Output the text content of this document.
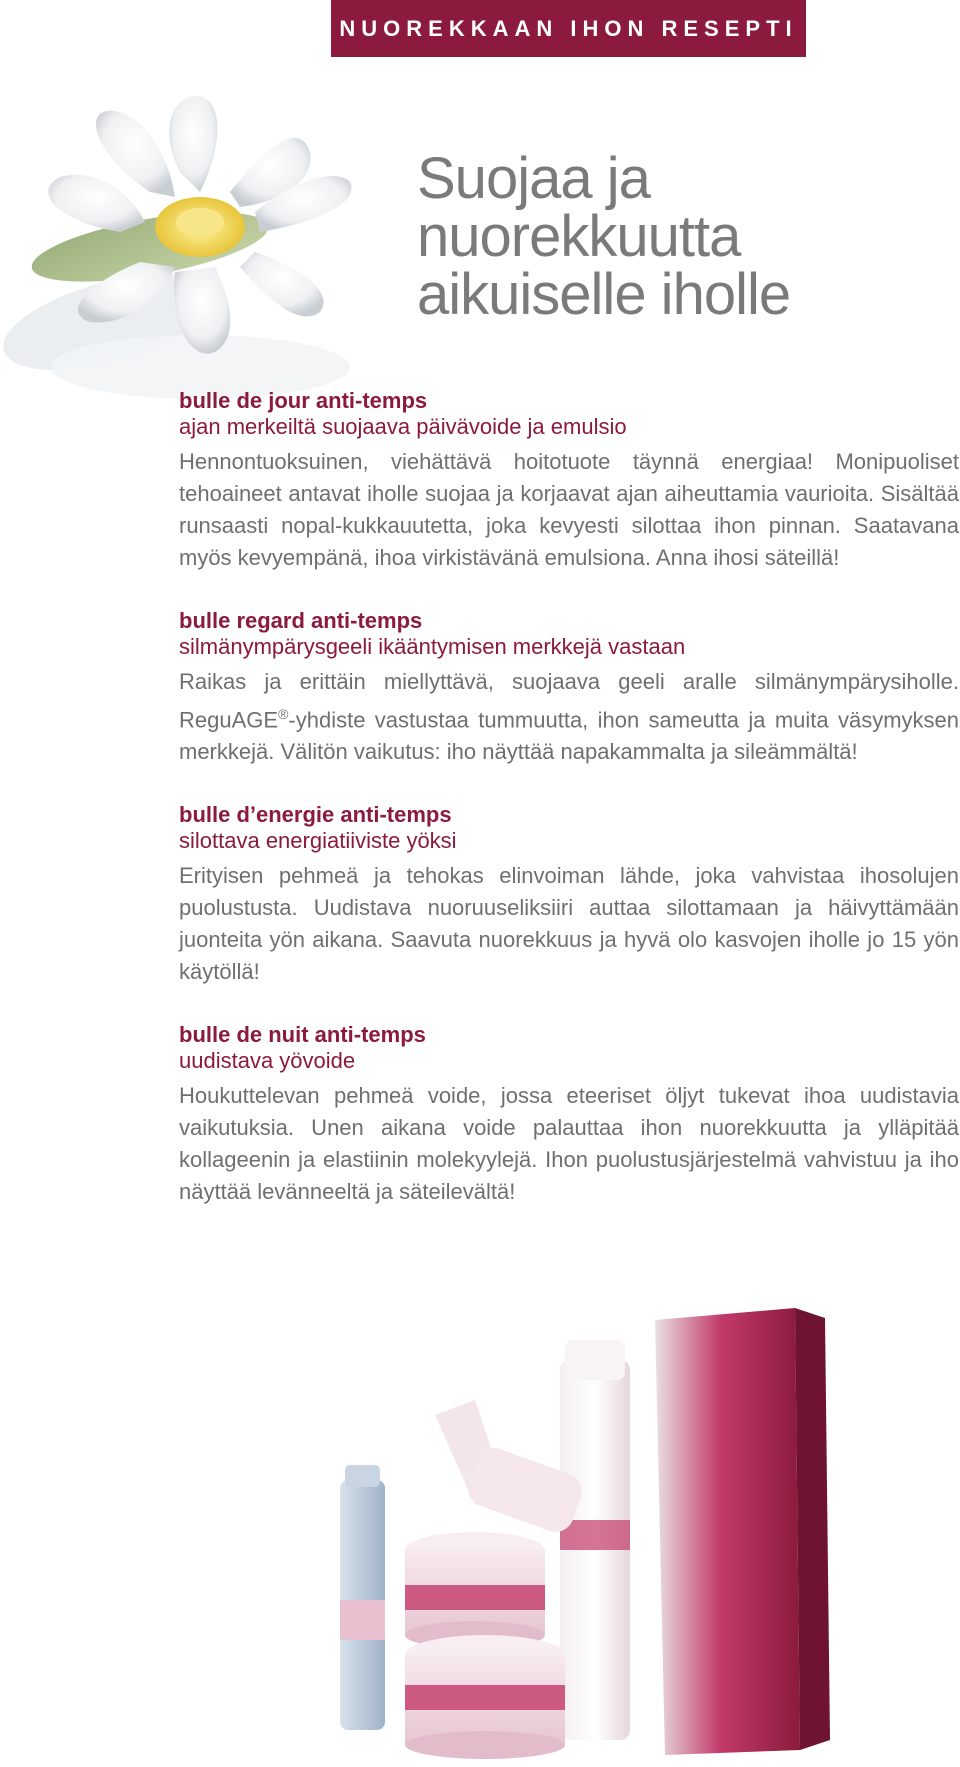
NUOREKKAAN IHON RESEPTI
Suojaa ja
nuorekkuutta
aikuiselle iholle

bulle de jour anti-temps

ajan merkeiltä suojaava päivävoide ja emulsio

Hennontuoksuinen, viehättävä hoitotuote täynnä energiaa! Monipuoliset tehoaineet antavat iholle suojaa ja korjaavat ajan aiheuttamia vaurioita. Sisältää runsaasti nopal-kukkauutetta, joka kevyesti silottaa ihon pinnan. Saatavana myös kevyempänä, ihoa virkistävänä emulsiona. Anna ihosi säteillä!

bulle regard anti-temps

silmänympärysgeeli ikääntymisen merkkejä vastaan

Raikas ja erittäin miellyttävä, suojaava geeli aralle silmänympärysiholle. ReguAGE®-yhdiste vastustaa tummuutta, ihon sameutta ja muita väsymyksen merkkejä. Välitön vaikutus: iho näyttää napakammalta ja sileämmältä!

bulle d’energie anti-temps

silottava energiatiiviste yöksi

Erityisen pehmeä ja tehokas elinvoiman lähde, joka vahvistaa ihosolujen puolustusta. Uudistava nuoruuseliksiiri auttaa silottamaan ja häivyttämään juonteita yön aikana. Saavuta nuorekkuus ja hyvä olo kasvojen iholle jo 15 yön käytöllä!

bulle de nuit anti-temps

uudistava yövoide

Houkuttelevan pehmeä voide, jossa eteeriset öljyt tukevat ihoa uudistavia vaikutuksia. Unen aikana voide palauttaa ihon nuorekkuutta ja ylläpitää kollageenin ja elastiinin molekyylejä. Ihon puolustusjärjestelmä vahvistuu ja iho näyttää levänneeltä ja säteilevältä!
